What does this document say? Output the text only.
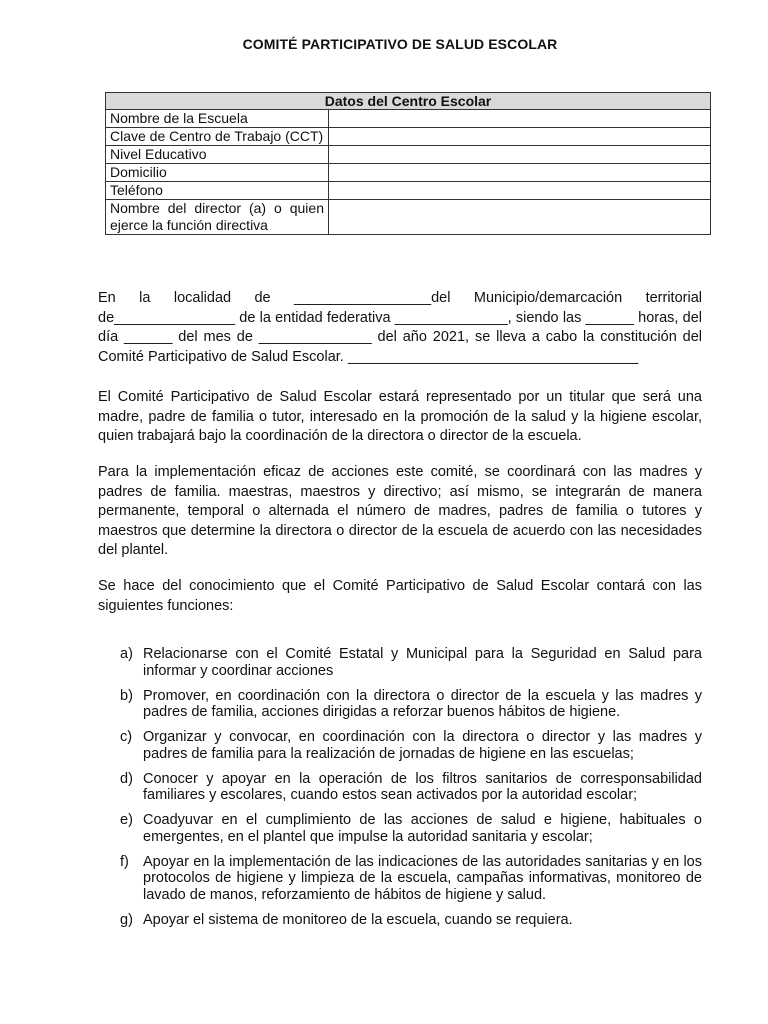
COMITÉ PARTICIPATIVO DE SALUD ESCOLAR
Datos del Centro Escolar	
Nombre de la Escuela	
Clave de Centro de Trabajo (CCT)	
Nivel Educativo	
Domicilio	
Teléfono	
Nombre del director (a) o quien ejerce la función directiva	
En la localidad de _________________del Municipio/demarcación territorial de_______________ de la entidad federativa ______________, siendo las ______ horas, del día ______ del mes de ______________ del año 2021, se lleva a cabo la constitución del Comité Participativo de Salud Escolar. ____________________________________
El Comité Participativo de Salud Escolar estará representado por un titular que será una madre, padre de familia o tutor, interesado en la promoción de la salud y la higiene escolar, quien trabajará bajo la coordinación de la directora o director de la escuela.
Para la implementación eficaz de acciones este comité, se coordinará con las madres y padres de familia. maestras, maestros y directivo; así mismo, se integrarán de manera permanente, temporal o alternada el número de madres, padres de familia o tutores y maestros que determine la directora o director de la escuela de acuerdo con las necesidades del plantel.
Se hace del conocimiento que el Comité Participativo de Salud Escolar contará con las siguientes funciones:
a) Relacionarse con el Comité Estatal y Municipal para la Seguridad en Salud para informar y coordinar acciones
b) Promover, en coordinación con la directora o director de la escuela y las madres y padres de familia, acciones dirigidas a reforzar buenos hábitos de higiene.
c) Organizar y convocar, en coordinación con la directora o director y las madres y padres de familia para la realización de jornadas de higiene en las escuelas;
d) Conocer y apoyar en la operación de los filtros sanitarios de corresponsabilidad familiares y escolares, cuando estos sean activados por la autoridad escolar;
e) Coadyuvar en el cumplimiento de las acciones de salud e higiene, habituales o emergentes, en el plantel que impulse la autoridad sanitaria y escolar;
f) Apoyar en la implementación de las indicaciones de las autoridades sanitarias y en los protocolos de higiene y limpieza de la escuela, campañas informativas, monitoreo de lavado de manos, reforzamiento de hábitos de higiene y salud.
g) Apoyar el sistema de monitoreo de la escuela, cuando se requiera.
